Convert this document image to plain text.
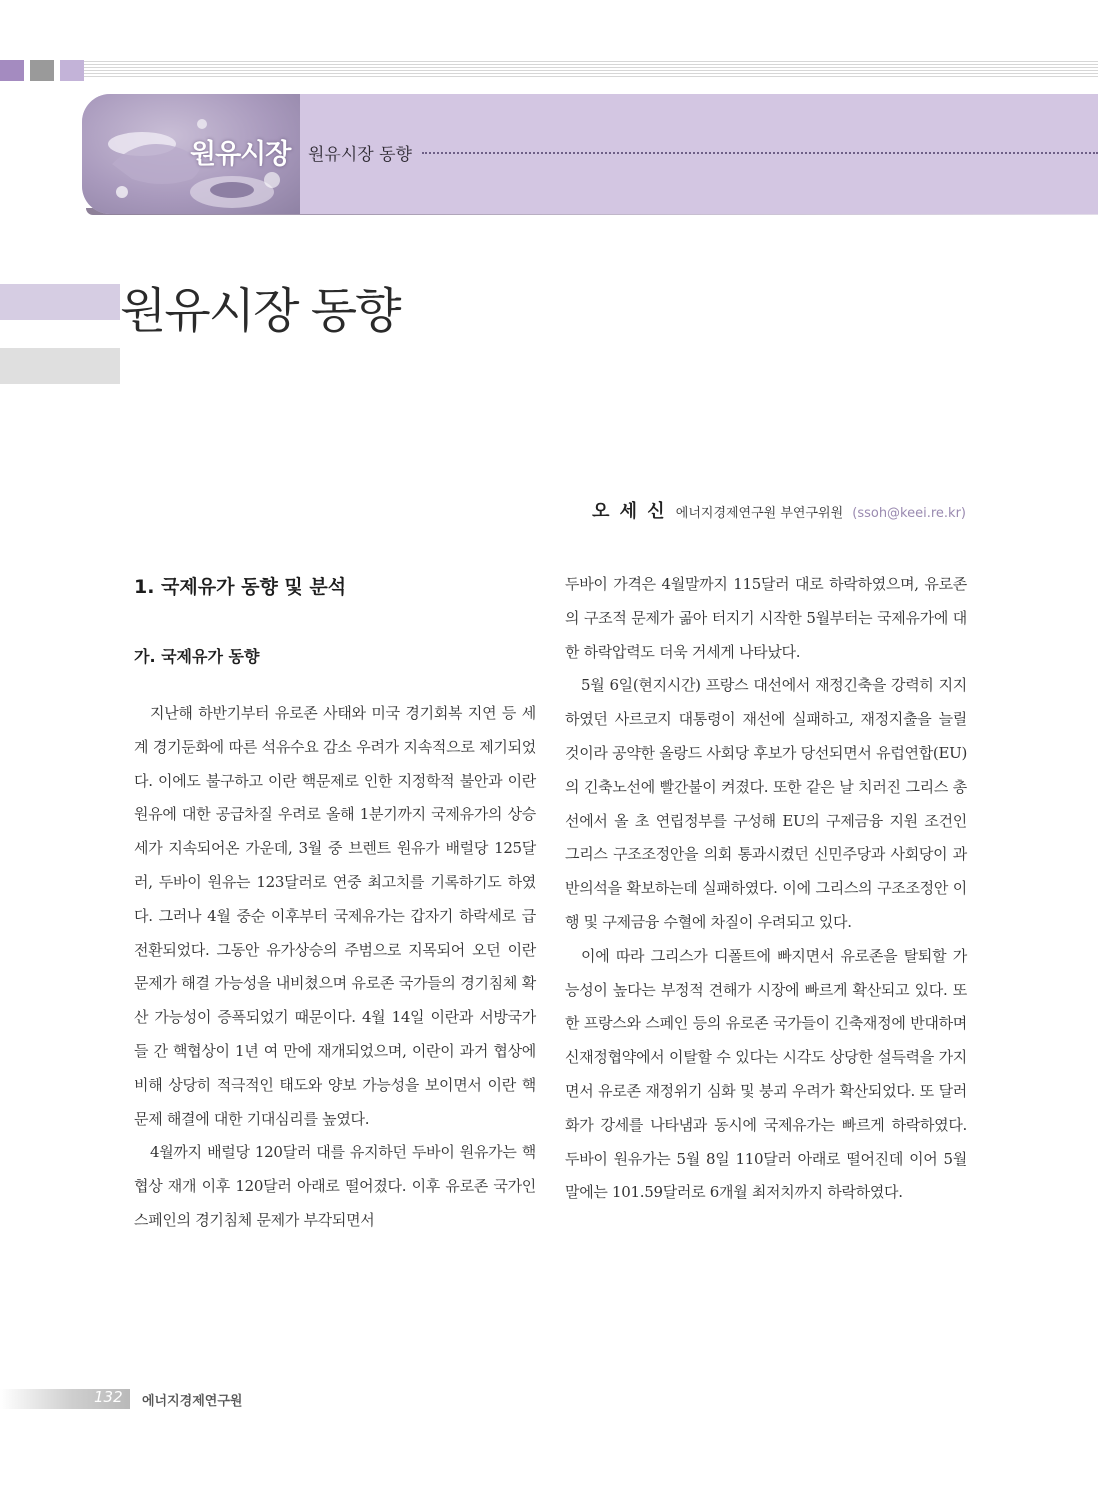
원유시장 원유시장 동향
원유시장 동향
오 세 신 에너지경제연구원 부연구위원 (ssoh@keei.re.kr)
1. 국제유가 동향 및 분석
가. 국제유가 동향

지난해 하반기부터 유로존 사태와 미국 경기회복 지연 등 세계 경기둔화에 따른 석유수요 감소 우려가 지속적으로 제기되었다. 이에도 불구하고 이란 핵문제로 인한 지정학적 불안과 이란 원유에 대한 공급차질 우려로 올해 1분기까지 국제유가의 상승세가 지속되어온 가운데, 3월 중 브렌트 원유가 배럴당 125달러, 두바이 원유는 123달러로 연중 최고치를 기록하기도 하였다. 그러나 4월 중순 이후부터 국제유가는 갑자기 하락세로 급전환되었다. 그동안 유가상승의 주범으로 지목되어 오던 이란 문제가 해결 가능성을 내비쳤으며 유로존 국가들의 경기침체 확산 가능성이 증폭되었기 때문이다. 4월 14일 이란과 서방국가들 간 핵협상이 1년 여 만에 재개되었으며, 이란이 과거 협상에 비해 상당히 적극적인 태도와 양보 가능성을 보이면서 이란 핵문제 해결에 대한 기대심리를 높였다.

4월까지 배럴당 120달러 대를 유지하던 두바이 원유가는 핵협상 재개 이후 120달러 아래로 떨어졌다. 이후 유로존 국가인 스페인의 경기침체 문제가 부각되면서

두바이 가격은 4월말까지 115달러 대로 하락하였으며, 유로존의 구조적 문제가 곪아 터지기 시작한 5월부터는 국제유가에 대한 하락압력도 더욱 거세게 나타났다.

5월 6일(현지시간) 프랑스 대선에서 재정긴축을 강력히 지지하였던 사르코지 대통령이 재선에 실패하고, 재정지출을 늘릴 것이라 공약한 올랑드 사회당 후보가 당선되면서 유럽연합(EU)의 긴축노선에 빨간불이 켜졌다. 또한 같은 날 치러진 그리스 총선에서 올 초 연립정부를 구성해 EU의 구제금융 지원 조건인 그리스 구조조정안을 의회 통과시켰던 신민주당과 사회당이 과반의석을 확보하는데 실패하였다. 이에 그리스의 구조조정안 이행 및 구제금융 수혈에 차질이 우려되고 있다.

이에 따라 그리스가 디폴트에 빠지면서 유로존을 탈퇴할 가능성이 높다는 부정적 견해가 시장에 빠르게 확산되고 있다. 또한 프랑스와 스페인 등의 유로존 국가들이 긴축재정에 반대하며 신재정협약에서 이탈할 수 있다는 시각도 상당한 설득력을 가지면서 유로존 재정위기 심화 및 붕괴 우려가 확산되었다. 또 달러화가 강세를 나타냄과 동시에 국제유가는 빠르게 하락하였다. 두바이 원유가는 5월 8일 110달러 아래로 떨어진데 이어 5월 말에는 101.59달러로 6개월 최저치까지 하락하였다.

132 에너지경제연구원
